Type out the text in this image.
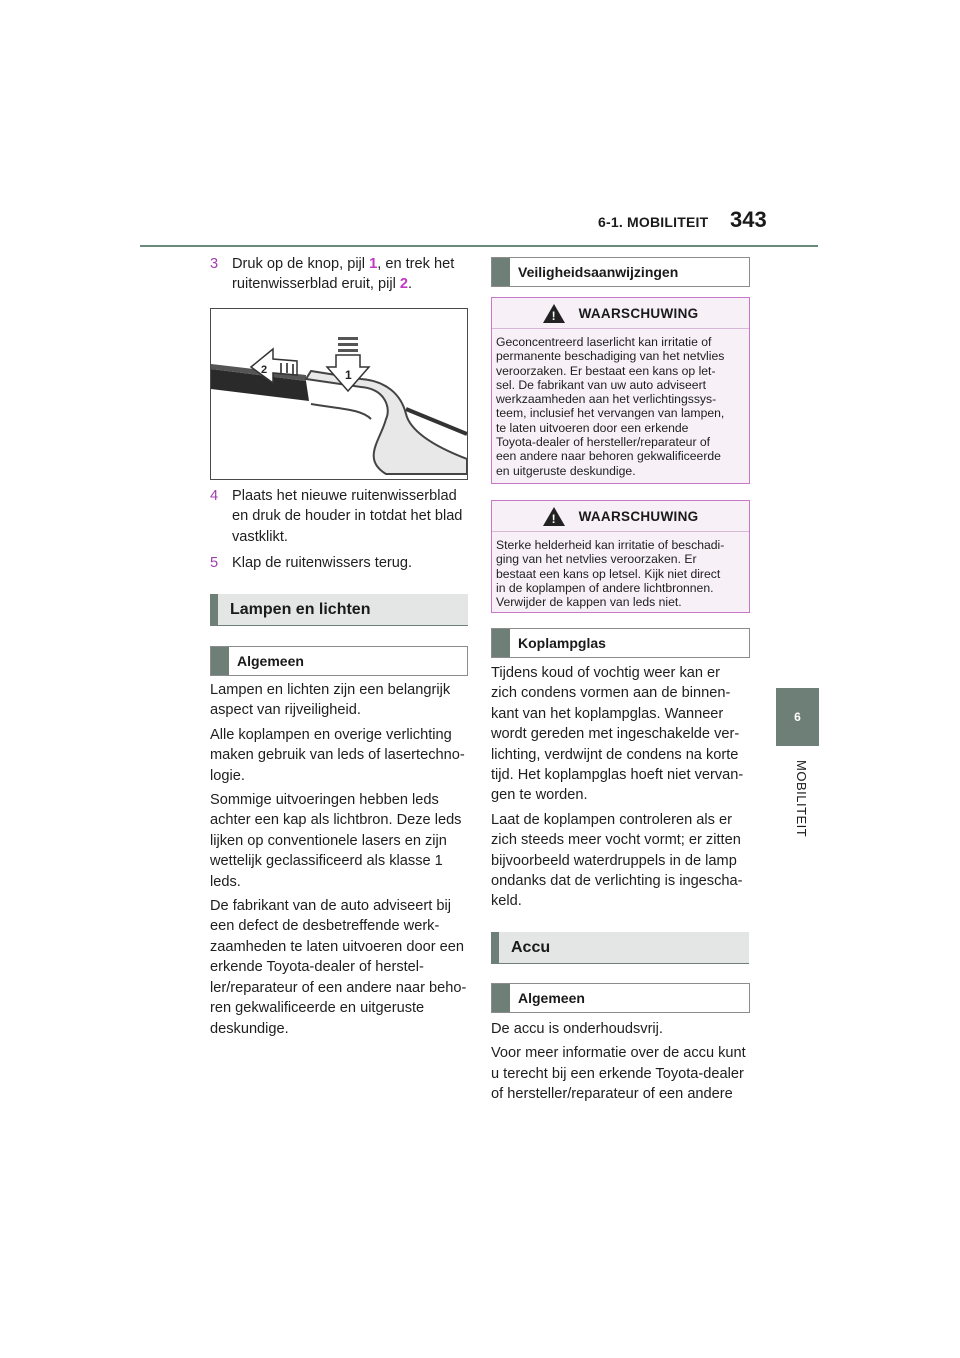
6-1. MOBILITEIT 343
6
MOBILITEIT
3 Druk op de knop, pijl 1, en trek het
ruitenwisserblad eruit, pijl 2.
1
2
4 Plaats het nieuwe ruitenwisserblad
en druk de houder in totdat het blad
vastklikt.
5 Klap de ruitenwissers terug.
Lampen en lichten
Algemeen

Lampen en lichten zijn een belangrijk
aspect van rijveiligheid.

Alle koplampen en overige verlichting
maken gebruik van leds of lasertechno-
logie.

Sommige uitvoeringen hebben leds
achter een kap als lichtbron. Deze leds
lijken op conventionele lasers en zijn
wettelijk geclassificeerd als klasse 1
leds.

De fabrikant van de auto adviseert bij
een defect de desbetreffende werk-
zaamheden te laten uitvoeren door een
erkende Toyota-dealer of herstel-
ler/reparateur of een andere naar beho-
ren gekwalificeerde en uitgeruste
deskundige.

Veiligheidsaanwijzingen
! WAARSCHUWING
Geconcentreerd laserlicht kan irritatie of
permanente beschadiging van het netvlies
veroorzaken. Er bestaat een kans op let-
sel. De fabrikant van uw auto adviseert
werkzaamheden aan het verlichtingssys-
teem, inclusief het vervangen van lampen,
te laten uitvoeren door een erkende
Toyota-dealer of hersteller/reparateur of
een andere naar behoren gekwalificeerde
en uitgeruste deskundige.
! WAARSCHUWING
Sterke helderheid kan irritatie of beschadi-
ging van het netvlies veroorzaken. Er
bestaat een kans op letsel. Kijk niet direct
in de koplampen of andere lichtbronnen.
Verwijder de kappen van leds niet.
Koplampglas

Tijdens koud of vochtig weer kan er
zich condens vormen aan de binnen-
kant van het koplampglas. Wanneer
wordt gereden met ingeschakelde ver-
lichting, verdwijnt de condens na korte
tijd. Het koplampglas hoeft niet vervan-
gen te worden.

Laat de koplampen controleren als er
zich steeds meer vocht vormt; er zitten
bijvoorbeeld waterdruppels in de lamp
ondanks dat de verlichting is ingescha-
keld.

Accu
Algemeen

De accu is onderhoudsvrij.

Voor meer informatie over de accu kunt
u terecht bij een erkende Toyota-dealer
of hersteller/reparateur of een andere
